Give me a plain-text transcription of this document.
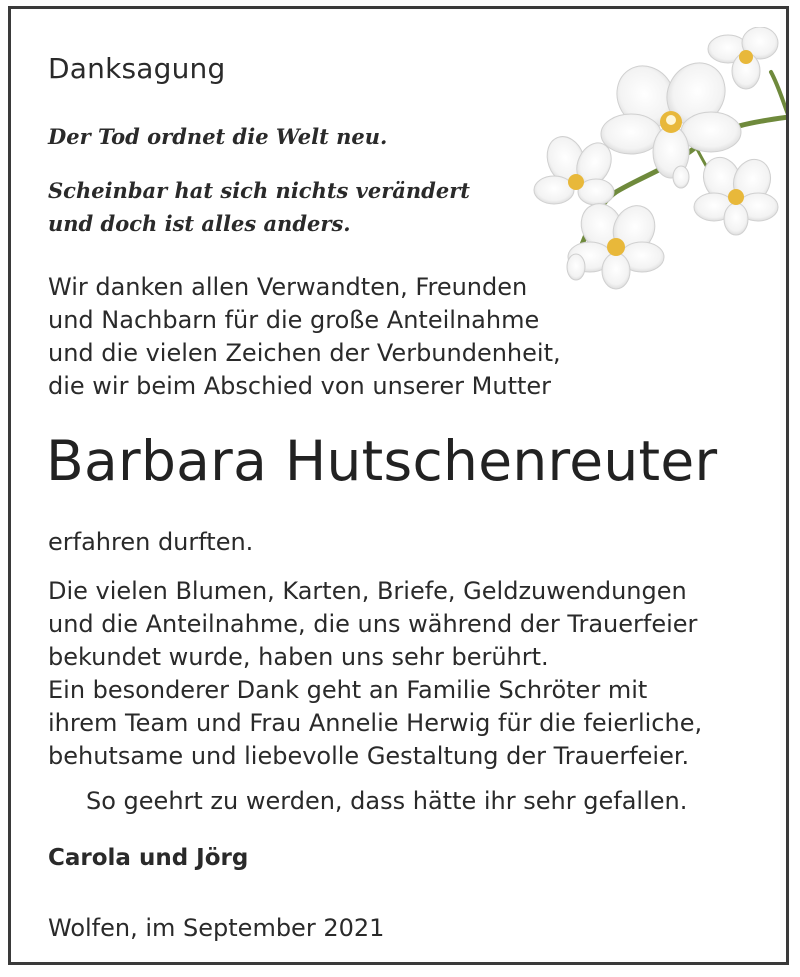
Danksagung

Der Tod ordnet die Welt neu.

Scheinbar hat sich nichts verändert
und doch ist alles anders.

Wir danken allen Verwandten, Freunden
und Nachbarn für die große Anteilnahme
und die vielen Zeichen der Verbundenheit,
die wir beim Abschied von unserer Mutter

Barbara Hutschenreuter

erfahren durften.

Die vielen Blumen, Karten, Briefe, Geldzuwendungen
und die Anteilnahme, die uns während der Trauerfeier
bekundet wurde, haben uns sehr berührt.
Ein besonderer Dank geht an Familie Schröter mit
ihrem Team und Frau Annelie Herwig für die feierliche,
behutsame und liebevolle Gestaltung der Trauerfeier.

So geehrt zu werden, dass hätte ihr sehr gefallen.

Carola und Jörg

Wolfen, im September 2021
